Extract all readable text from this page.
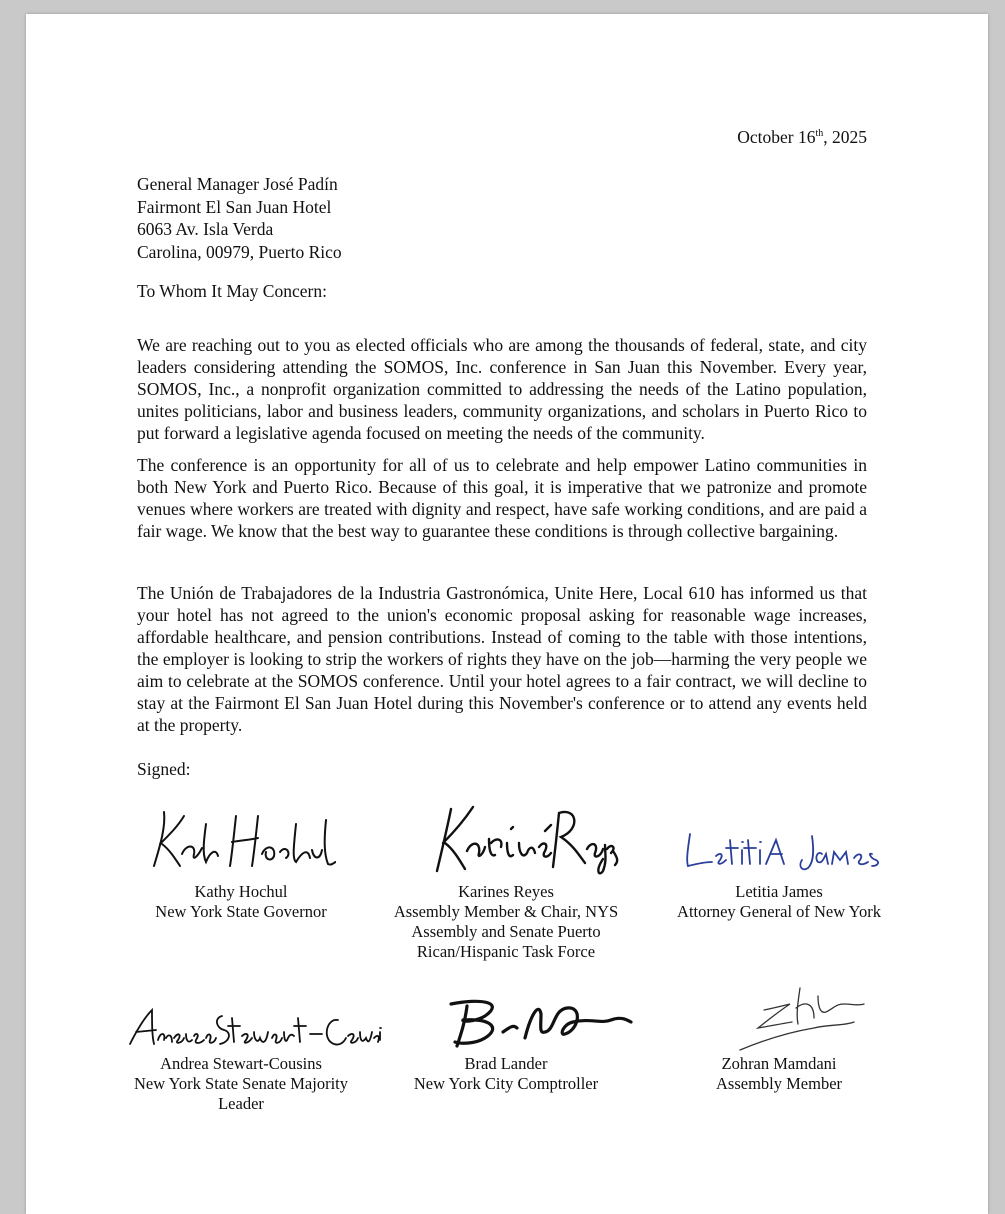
October 16th, 2025
General Manager José Padín
Fairmont El San Juan Hotel
6063 Av. Isla Verda
Carolina, 00979, Puerto Rico
To Whom It May Concern:

We are reaching out to you as elected officials who are among the thousands of federal, state, and city leaders considering attending the SOMOS, Inc. conference in San Juan this November. Every year, SOMOS, Inc., a nonprofit organization committed to addressing the needs of the Latino population, unites politicians, labor and business leaders, community organizations, and scholars in Puerto Rico to put forward a legislative agenda focused on meeting the needs of the community.

The conference is an opportunity for all of us to celebrate and help empower Latino communities in both New York and Puerto Rico. Because of this goal, it is imperative that we patronize and promote venues where workers are treated with dignity and respect, have safe working conditions, and are paid a fair wage. We know that the best way to guarantee these conditions is through collective bargaining.

The Unión de Trabajadores de la Industria Gastronómica, Unite Here, Local 610 has informed us that your hotel has not agreed to the union's economic proposal asking for reasonable wage increases, affordable healthcare, and pension contributions. Instead of coming to the table with those intentions, the employer is looking to strip the workers of rights they have on the job—harming the very people we aim to celebrate at the SOMOS conference. Until your hotel agrees to a fair contract, we will decline to stay at the Fairmont El San Juan Hotel during this November's conference or to attend any events held at the property.

Signed:
Kathy Hochul
New York State Governor
Karines Reyes
Assembly Member & Chair, NYS
Assembly and Senate Puerto
Rican/Hispanic Task Force
Letitia James
Attorney General of New York
Andrea Stewart-Cousins
New York State Senate Majority
Leader
Brad Lander
New York City Comptroller
Zohran Mamdani
Assembly Member
